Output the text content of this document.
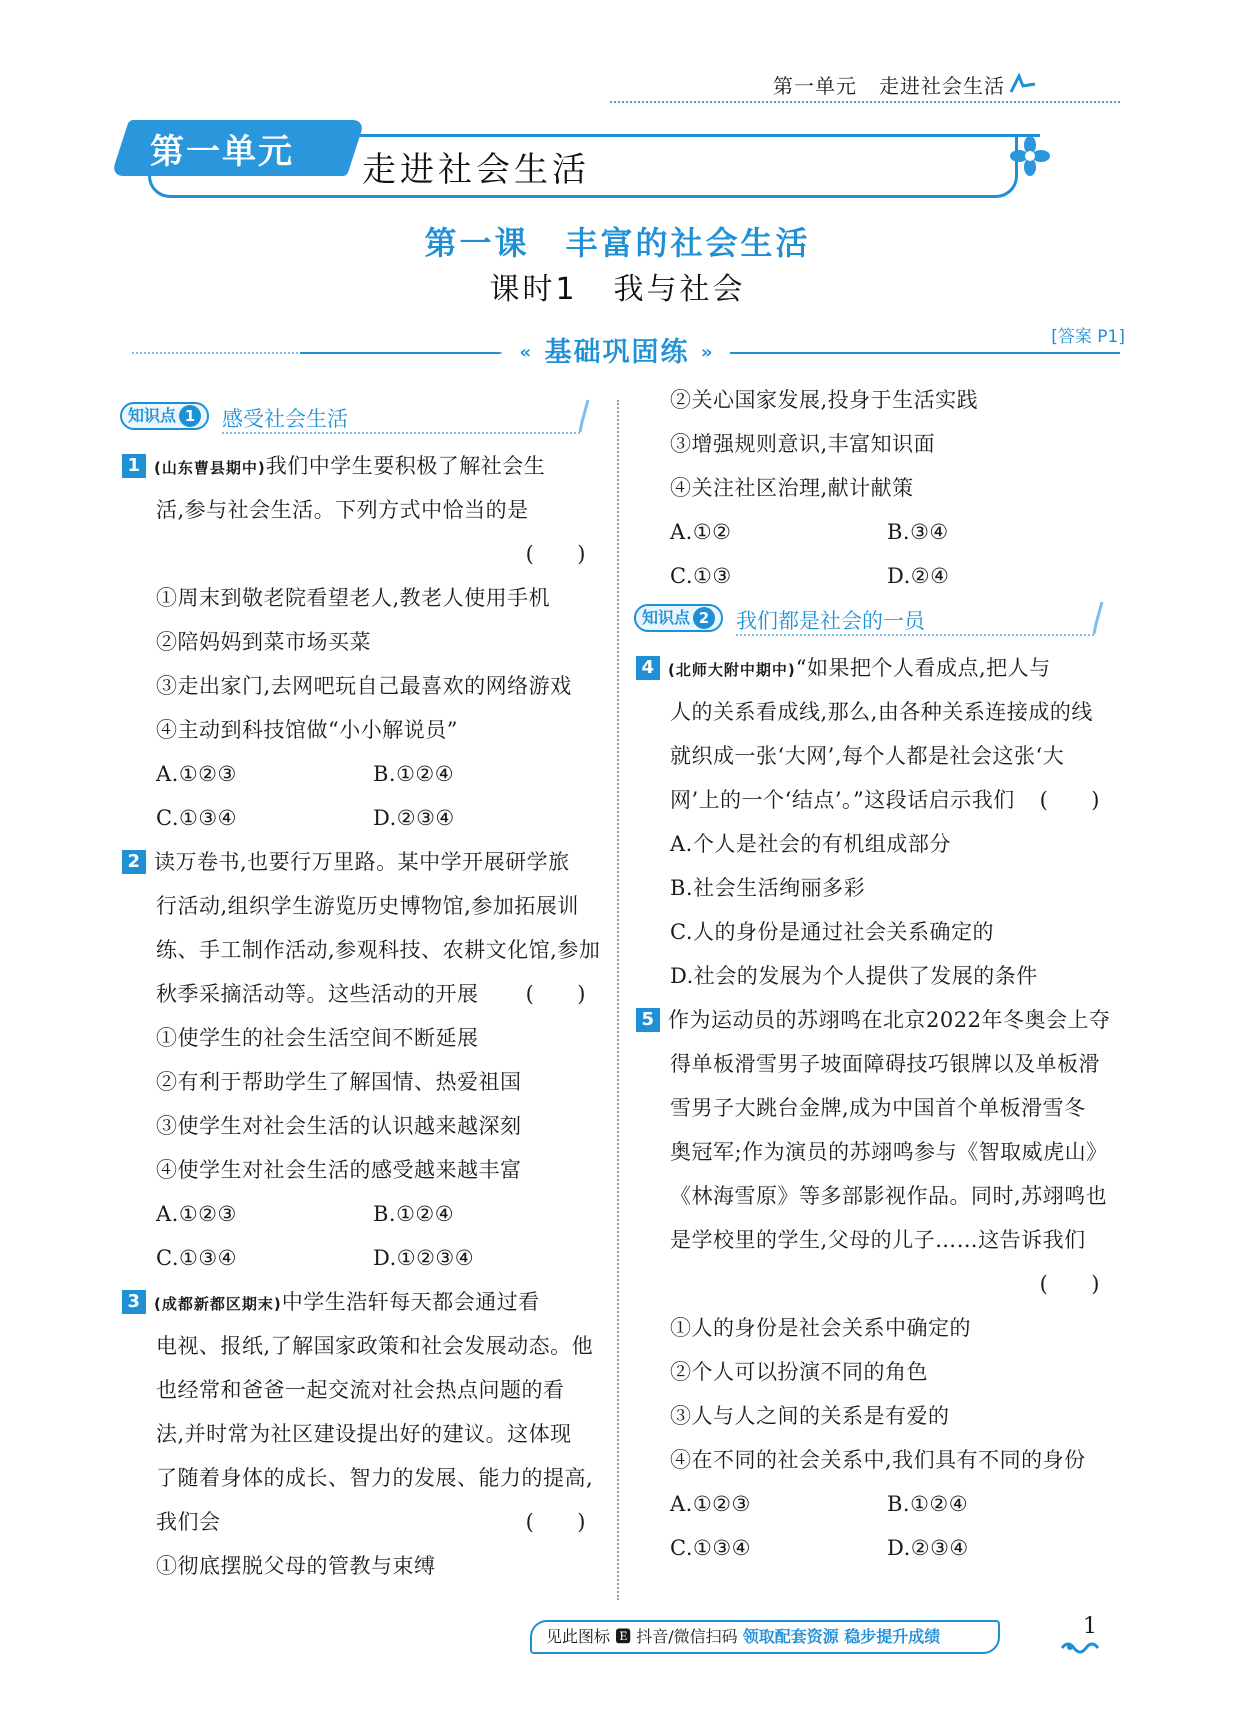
第一单元 走进社会生活
第一单元 走进社会生活
第一课 丰富的社会生活
课时1 我与社会
[答案 P1]
« 基础巩固练 »
知识点 1	感受社会生活
1 (山东曹县期中)我们中学生要积极了解社会生
活,参与社会生活。下列方式中恰当的是
(　　)
①周末到敬老院看望老人,教老人使用手机
②陪妈妈到菜市场买菜
③走出家门,去网吧玩自己最喜欢的网络游戏
④主动到科技馆做“小小解说员”
A.①②③	B.①②④
C.①③④	D.②③④
2 读万卷书,也要行万里路。某中学开展研学旅
行活动,组织学生游览历史博物馆,参加拓展训
练、手工制作活动,参观科技、农耕文化馆,参加
秋季采摘活动等。这些活动的开展 (　　)
①使学生的社会生活空间不断延展
②有利于帮助学生了解国情、热爱祖国
③使学生对社会生活的认识越来越深刻
④使学生对社会生活的感受越来越丰富
A.①②③	B.①②④
C.①③④	D.①②③④
3 (成都新都区期末)中学生浩轩每天都会通过看
电视、报纸,了解国家政策和社会发展动态。他
也经常和爸爸一起交流对社会热点问题的看
法,并时常为社区建设提出好的建议。这体现
了随着身体的成长、智力的发展、能力的提高,
我们会	(　　)
①彻底摆脱父母的管教与束缚
②关心国家发展,投身于生活实践
③增强规则意识,丰富知识面
④关注社区治理,献计献策
A.①②	B.③④
C.①③	D.②④
知识点 2	我们都是社会的一员
4 (北师大附中期中)“如果把个人看成点,把人与
人的关系看成线,那么,由各种关系连接成的线
就织成一张‘大网’,每个人都是社会这张‘大
网’上的一个‘结点’。”这段话启示我们 (　　)
A.个人是社会的有机组成部分
B.社会生活绚丽多彩
C.人的身份是通过社会关系确定的
D.社会的发展为个人提供了发展的条件
5 作为运动员的苏翊鸣在北京2022年冬奥会上夺
得单板滑雪男子坡面障碍技巧银牌以及单板滑
雪男子大跳台金牌,成为中国首个单板滑雪冬
奥冠军;作为演员的苏翊鸣参与《智取威虎山》
《林海雪原》等多部影视作品。同时,苏翊鸣也
是学校里的学生,父母的儿子……这告诉我们
(　　)
①人的身份是社会关系中确定的
②个人可以扮演不同的角色
③人与人之间的关系是有爱的
④在不同的社会关系中,我们具有不同的身份
A.①②③	B.①②④
C.①③④	D.②③④
见此图标 🅴 抖音/微信扫码 领取配套资源 稳步提升成绩	1
